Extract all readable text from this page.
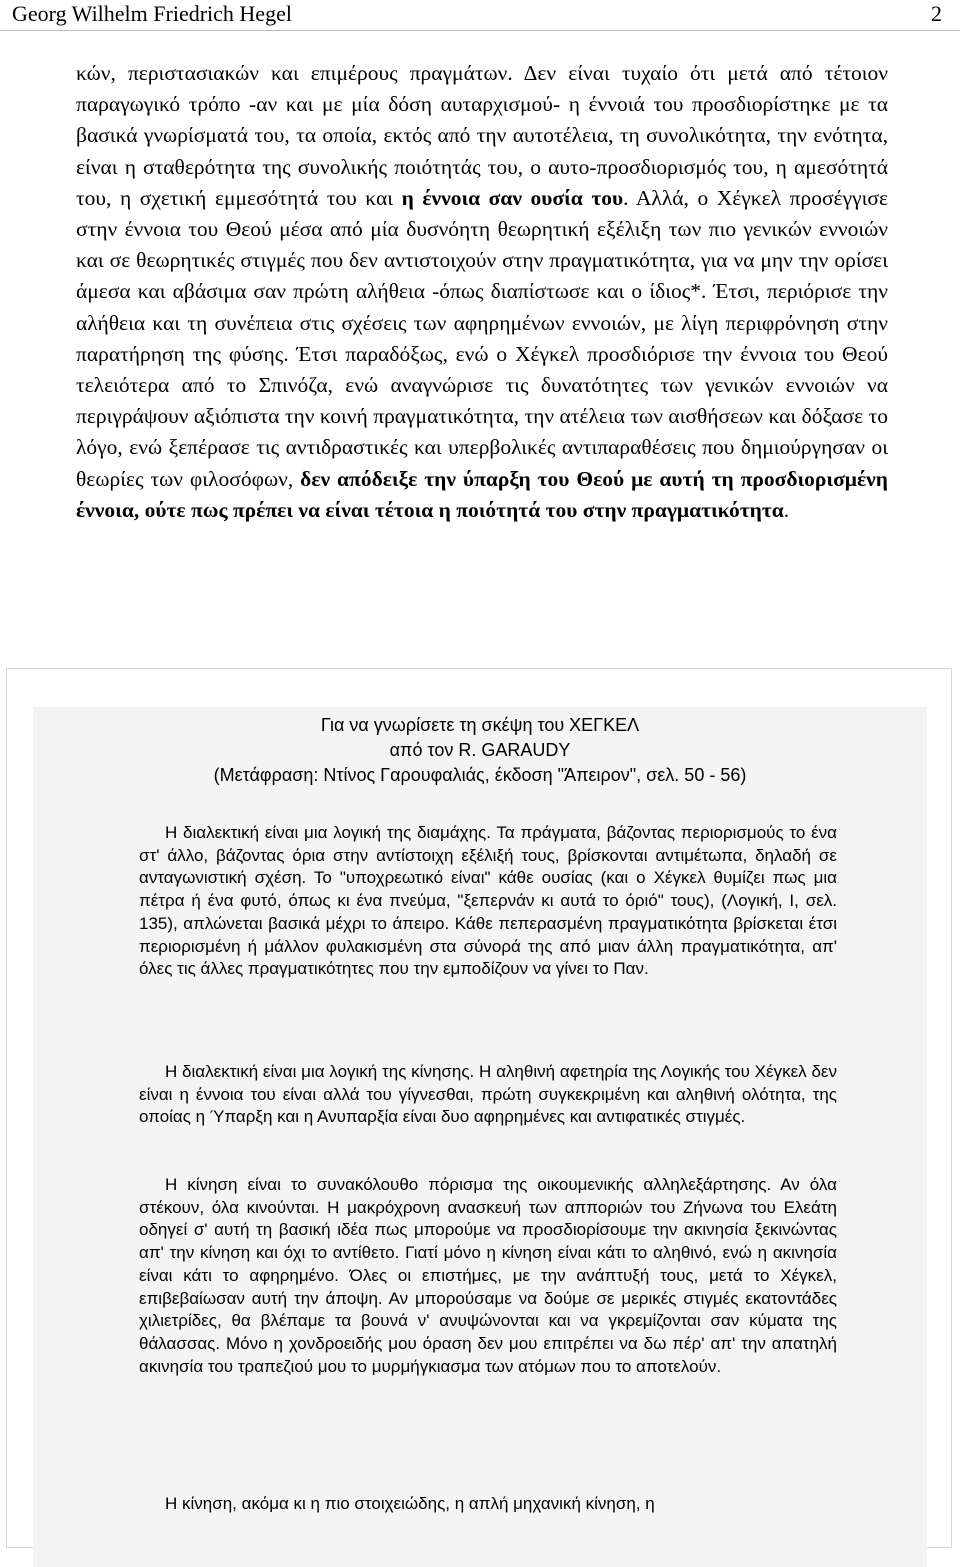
Georg Wilhelm Friedrich Hegel	2
κών, περιστασιακών και επιμέρους πραγμάτων. Δεν είναι τυχαίο ότι μετά από τέτοιον παραγωγικό τρόπο -αν και με μία δόση αυταρχισμού- η έννοιά του προσδιορίστηκε με τα βασικά γνωρίσματά του, τα οποία, εκτός από την αυτοτέλεια, τη συνολικότητα, την ενότητα, είναι η σταθερότητα της συνολικής ποιότητάς του, ο αυτο-προσδιορισμός του, η αμεσότητά του, η σχετική εμμεσότητά του και η έννοια σαν ουσία του. Αλλά, ο Χέγκελ προσέγγισε στην έννοια του Θεού μέσα από μία δυσνόητη θεωρητική εξέλιξη των πιο γενικών εννοιών και σε θεωρητικές στιγμές που δεν αντιστοιχούν στην πραγματικότητα, για να μην την ορίσει άμεσα και αβάσιμα σαν πρώτη αλήθεια -όπως διαπίστωσε και ο ίδιος*. Έτσι, περιόρισε την αλήθεια και τη συνέπεια στις σχέσεις των αφηρημένων εννοιών, με λίγη περιφρόνηση στην παρατήρηση της φύσης. Έτσι παραδόξως, ενώ ο Χέγκελ προσδιόρισε την έννοια του Θεού τελειότερα από το Σπινόζα, ενώ αναγνώρισε τις δυνατότητες των γενικών εννοιών να περιγράψουν αξιόπιστα την κοινή πραγματικότητα, την ατέλεια των αισθήσεων και δόξασε το λόγο, ενώ ξεπέρασε τις αντιδραστικές και υπερβολικές αντιπαραθέσεις που δημιούργησαν οι θεωρίες των φιλοσόφων, δεν απόδειξε την ύπαρξη του Θεού με αυτή τη προσδιορισμένη έννοια, ούτε πως πρέπει να είναι τέτοια η ποιότητά του στην πραγματικότητα.
Για να γνωρίσετε τη σκέψη του ΧΕΓΚΕΛ
από τον R. GARAUDY
(Μετάφραση: Ντίνος Γαρουφαλιάς, έκδοση "Άπειρον", σελ. 50 - 56)
Η διαλεκτική είναι μια λογική της διαμάχης. Τα πράγματα, βάζοντας περιορισμούς το ένα στ' άλλο, βάζοντας όρια στην αντίστοιχη εξέλιξή τους, βρίσκονται αντιμέτωπα, δηλαδή σε ανταγωνιστική σχέση. Το "υποχρεωτικό είναι" κάθε ουσίας (και ο Χέγκελ θυμίζει πως μια πέτρα ή ένα φυτό, όπως κι ένα πνεύμα, "ξεπερνάν κι αυτά το όριό" τους), (Λογική, Ι, σελ. 135), απλώνεται βασικά μέχρι το άπειρο. Κάθε πεπερασμένη πραγματικότητα βρίσκεται έτσι περιορισμένη ή μάλλον φυλακισμένη στα σύνορά της από μιαν άλλη πραγματικότητα, απ' όλες τις άλλες πραγματικότητες που την εμποδίζουν να γίνει το Παν.
Η διαλεκτική είναι μια λογική της κίνησης. Η αληθινή αφετηρία της Λογικής του Χέγκελ δεν είναι η έννοια του είναι αλλά του γίγνεσθαι, πρώτη συγκεκριμένη και αληθινή ολότητα, της οποίας η Ύπαρξη και η Ανυπαρξία είναι δυο αφηρημένες και αντιφατικές στιγμές.
Η κίνηση είναι το συνακόλουθο πόρισμα της οικουμενικής αλληλεξάρτησης. Αν όλα στέκουν, όλα κινούνται. Η μακρόχρονη ανασκευή των απποριών του Ζήνωνα του Ελεάτη οδηγεί σ' αυτή τη βασική ιδέα πως μπορούμε να προσδιορίσουμε την ακινησία ξεκινώντας απ' την κίνηση και όχι το αντίθετο. Γιατί μόνο η κίνηση είναι κάτι το αληθινό, ενώ η ακινησία είναι κάτι το αφηρημένο. Όλες οι επιστήμες, με την ανάπτυξή τους, μετά το Χέγκελ, επιβεβαίωσαν αυτή την άποψη. Αν μπορούσαμε να δούμε σε μερικές στιγμές εκατοντάδες χιλιετρίδες, θα βλέπαμε τα βουνά ν' ανυψώνονται και να γκρεμίζονται σαν κύματα της θάλασσας. Μόνο η χονδροειδής μου όραση δεν μου επιτρέπει να δω πέρ' απ' την απατηλή ακινησία του τραπεζιού μου το μυρμήγκιασμα των ατόμων που το αποτελούν.
Η κίνηση, ακόμα κι η πιο στοιχειώδης, η απλή μηχανική κίνηση, η
